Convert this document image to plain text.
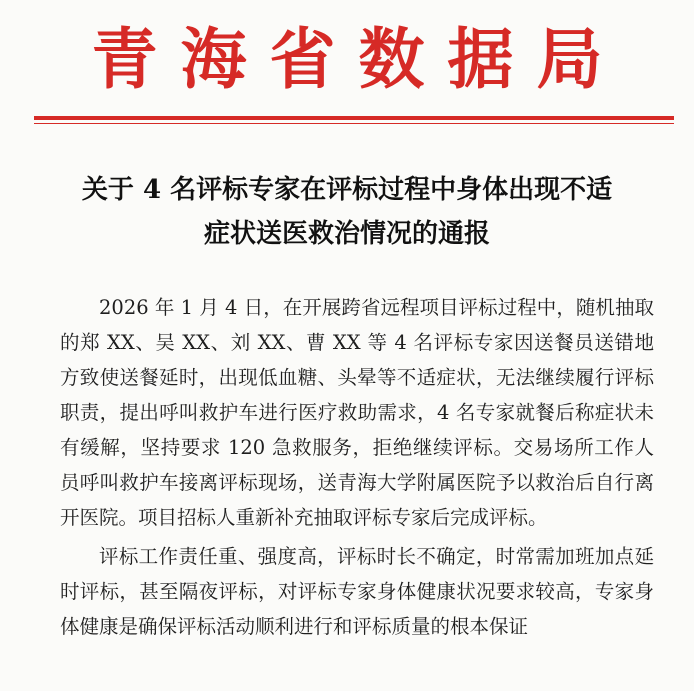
青海省数据局
关于 4 名评标专家在评标过程中身体出现不适
症状送医救治情况的通报

2026 年 1 月 4 日，在开展跨省远程项目评标过程中，随机抽取的郑 XX、吴 XX、刘 XX、曹 XX 等 4 名评标专家因送餐员送错地方致使送餐延时，出现低血糖、头晕等不适症状，无法继续履行评标职责，提出呼叫救护车进行医疗救助需求，4 名专家就餐后称症状未有缓解，坚持要求 120 急救服务，拒绝继续评标。交易场所工作人员呼叫救护车接离评标现场，送青海大学附属医院予以救治后自行离开医院。项目招标人重新补充抽取评标专家后完成评标。

评标工作责任重、强度高，评标时长不确定，时常需加班加点延时评标，甚至隔夜评标，对评标专家身体健康状况要求较高，专家身体健康是确保评标活动顺利进行和评标质量的根本保证
